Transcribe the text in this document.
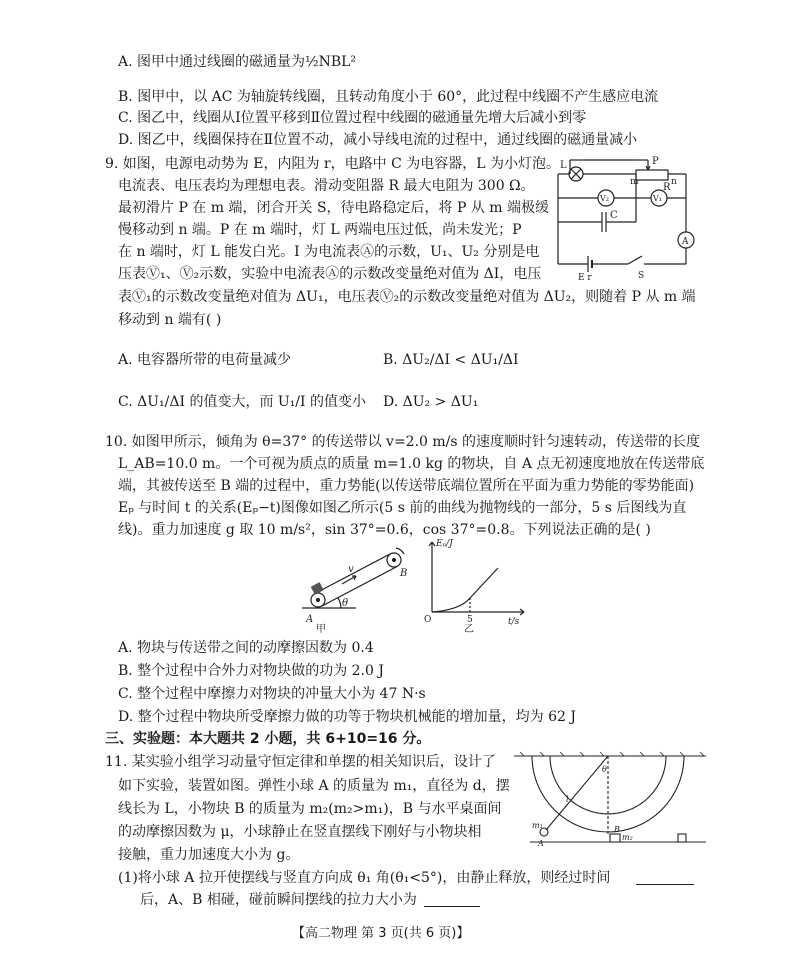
A. 图甲中通过线圈的磁通量为½NBL²
B. 图甲中，以 AC 为轴旋转线圈，且转动角度小于 60°，此过程中线圈不产生感应电流
C. 图乙中，线圈从Ⅰ位置平移到Ⅱ位置过程中线圈的磁通量先增大后减小到零
D. 图乙中，线圈保持在Ⅱ位置不动，减小导线电流的过程中，通过线圈的磁通量减小
9. 如图，电源电动势为 E，内阻为 r，电路中 C 为电容器，L 为小灯泡。
电流表、电压表均为理想电表。滑动变阻器 R 最大电阻为 300 Ω。
最初滑片 P 在 m 端，闭合开关 S，待电路稳定后，将 P 从 m 端极缓
慢移动到 n 端。P 在 m 端时，灯 L 两端电压过低，尚未发光；P
在 n 端时，灯 L 能发白光。I 为电流表Ⓐ的示数，U₁、U₂ 分别是电
压表Ⓥ₁、Ⓥ₂示数，实验中电流表Ⓐ的示数改变量绝对值为 ΔI，电压
表Ⓥ₁的示数改变量绝对值为 ΔU₁，电压表Ⓥ₂的示数改变量绝对值为 ΔU₂，则随着 P 从 m 端
移动到 n 端有( )
L	P
m	n
R
V₂	V₁
C
A
E r	S
A. 电容器所带的电荷量减少	B. ΔU₂/ΔI < ΔU₁/ΔI
C. ΔU₁/ΔI 的值变大，而 U₁/I 的值变小 D. ΔU₂ > ΔU₁
10. 如图甲所示，倾角为 θ=37° 的传送带以 v=2.0 m/s 的速度顺时针匀速转动，传送带的长度
L_AB=10.0 m。一个可视为质点的质量 m=1.0 kg 的物块，自 A 点无初速度地放在传送带底
端，其被传送至 B 端的过程中，重力势能(以传送带底端位置所在平面为重力势能的零势能面)
Eₚ 与时间 t 的关系(Eₚ−t)图像如图乙所示(5 s 前的曲线为抛物线的一部分，5 s 后图线为直
线)。重力加速度 g 取 10 m/s²，sin 37°=0.6，cos 37°=0.8。下列说法正确的是( )
v
θ
A
B
甲
Eₚ/J
t/s
O	5
乙
A. 物块与传送带之间的动摩擦因数为 0.4
B. 整个过程中合外力对物块做的功为 2.0 J
C. 整个过程中摩擦力对物块的冲量大小为 47 N·s
D. 整个过程中物块所受摩擦力做的功等于物块机械能的增加量，均为 62 J
三、实验题：本大题共 2 小题，共 6+10=16 分。
11. 某实验小组学习动量守恒定律和单摆的相关知识后，设计了
如下实验，装置如图。弹性小球 A 的质量为 m₁，直径为 d，摆
线长为 L，小物块 B 的质量为 m₂(m₂>m₁)，B 与水平桌面间
的动摩擦因数为 μ，小球静止在竖直摆线下刚好与小物块相
接触，重力加速度大小为 g。
(1)将小球 A 拉开使摆线与竖直方向成 θ₁ 角(θ₁<5°)，由静止释放，则经过时间
后，A、B 相碰，碰前瞬间摆线的拉力大小为
θ
l
m₁
A
B
m₂
【高二物理 第 3 页(共 6 页)】
